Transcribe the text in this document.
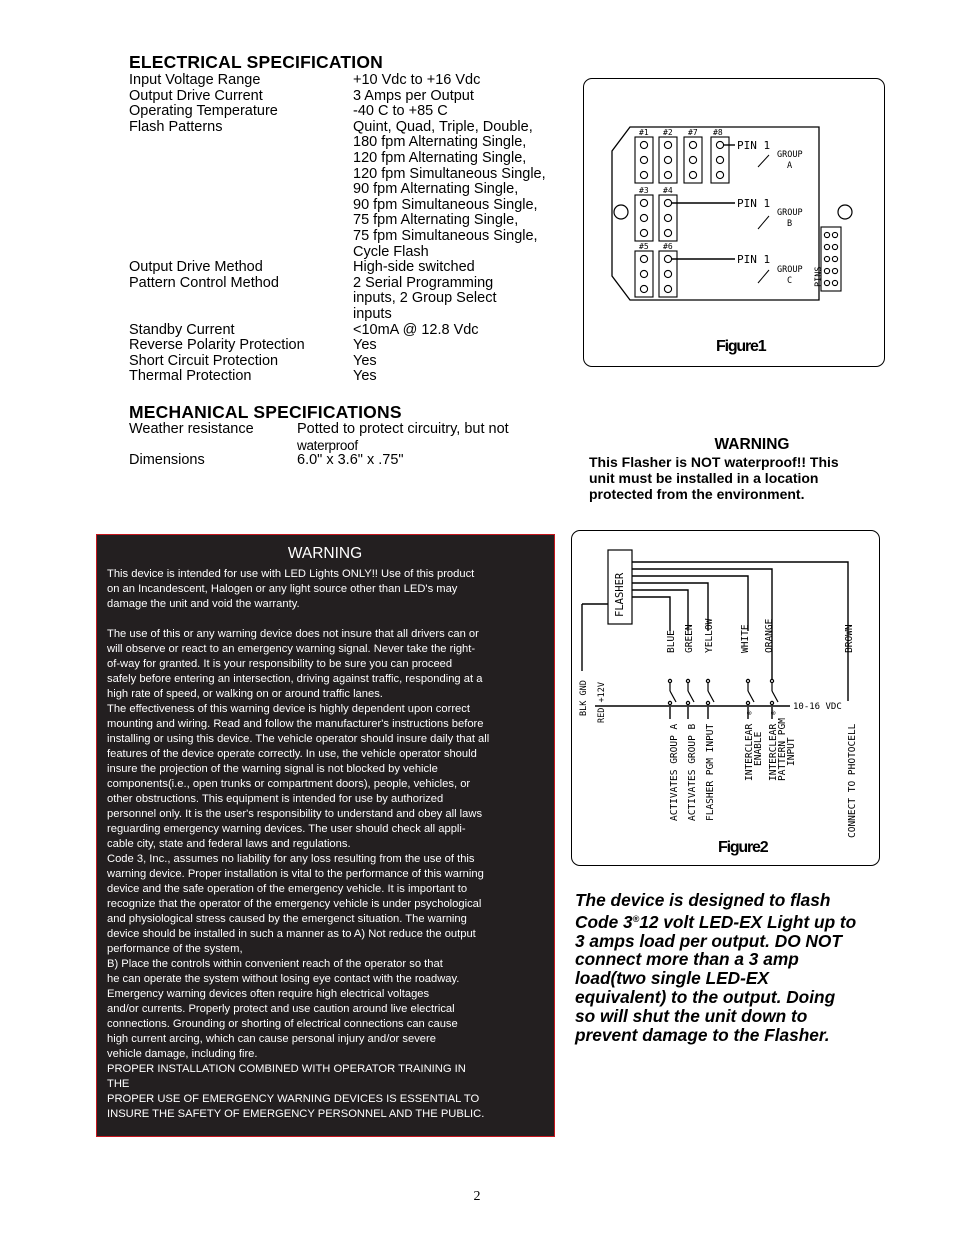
ELECTRICAL SPECIFICATION
Input Voltage Range	+10 Vdc to +16 Vdc
Output Drive Current	3 Amps per Output
Operating Temperature	-40 C to +85 C
Flash Patterns	Quint, Quad, Triple, Double,
180 fpm Alternating Single,
120 fpm Alternating Single,
120 fpm Simultaneous Single,
90 fpm Alternating Single,
90 fpm Simultaneous Single,
75 fpm Alternating Single,
75 fpm Simultaneous Single,
Cycle Flash
Output Drive Method	High-side switched
Pattern Control Method	2 Serial Programming
inputs, 2 Group Select
inputs
Standby Current	<10mA @ 12.8 Vdc
Reverse Polarity Protection	Yes
Short Circuit Protection	Yes
Thermal Protection	Yes
MECHANICAL SPECIFICATIONS
Weather resistance	Potted to protect circuitry, but not
waterproof
Dimensions	6.0" x 3.6" x .75"
#1 #2 #7 #8
#3 #4
#5 #6
PIN 1
PIN 1
PIN 1
GROUP
A
GROUP
B
GROUP
C	PINS
Figure1
WARNING
This Flasher is NOT waterproof!! This
unit must be installed in a location
protected from the environment.
FLASHER
BLUE GREEN YELLOW	WHITE ORANGE	BROWN
BLK GND RED +12V	10-16 VDC
ACTIVATES GROUP A ACTIVATES GROUP B FLASHER PGM INPUT	INTERCLEAR
®
ENABLE INTERCLEAR
®
PATTERN PGM
INPUT	CONNECT TO PHOTOCELL
Figure2
WARNING
This device is intended for use with LED Lights ONLY!! Use of this product
on an Incandescent, Halogen or any light source other than LED's may
damage the unit and void the warranty.
The use of this or any warning device does not insure that all drivers can or
will observe or react to an emergency warning signal. Never take the right-
of-way for granted. It is your responsibility to be sure you can proceed
safely before entering an intersection, driving against traffic, responding at a
high rate of speed, or walking on or around traffic lanes.
The effectiveness of this warning device is highly dependent upon correct
mounting and wiring. Read and follow the manufacturer's instructions before
installing or using this device. The vehicle operator should insure daily that all
features of the device operate correctly. In use, the vehicle operator should
insure the projection of the warning signal is not blocked by vehicle
components(i.e., open trunks or compartment doors), people, vehicles, or
other obstructions. This equipment is intended for use by authorized
personnel only. It is the user's responsibility to understand and obey all laws
reguarding emergency warning devices. The user should check all appli-
cable city, state and federal laws and regulations.
Code 3, Inc., assumes no liability for any loss resulting from the use of this
warning device. Proper installation is vital to the performance of this warning
device and the safe operation of the emergency vehicle. It is important to
recognize that the operator of the emergency vehicle is under psychological
and physiological stress caused by the emergenct situation. The warning
device should be installed in such a manner as to A) Not reduce the output
performance of the system,
B) Place the controls within convenient reach of the operator so that
he can operate the system without losing eye contact with the roadway.
Emergency warning devices often require high electrical voltages
and/or currents. Properly protect and use caution around live electrical
connections. Grounding or shorting of electrical connections can cause
high current arcing, which can cause personal injury and/or severe
vehicle damage, including fire.
PROPER INSTALLATION COMBINED WITH OPERATOR TRAINING IN
THE
PROPER USE OF EMERGENCY WARNING DEVICES IS ESSENTIAL TO
INSURE THE SAFETY OF EMERGENCY PERSONNEL AND THE PUBLIC.
The device is designed to flash
Code 3®12 volt LED-EX Light up to
3 amps load per output. DO NOT
connect more than a 3 amp
load(two single LED-EX
equivalent) to the output. Doing
so will shut the unit down to
prevent damage to the Flasher.
2
